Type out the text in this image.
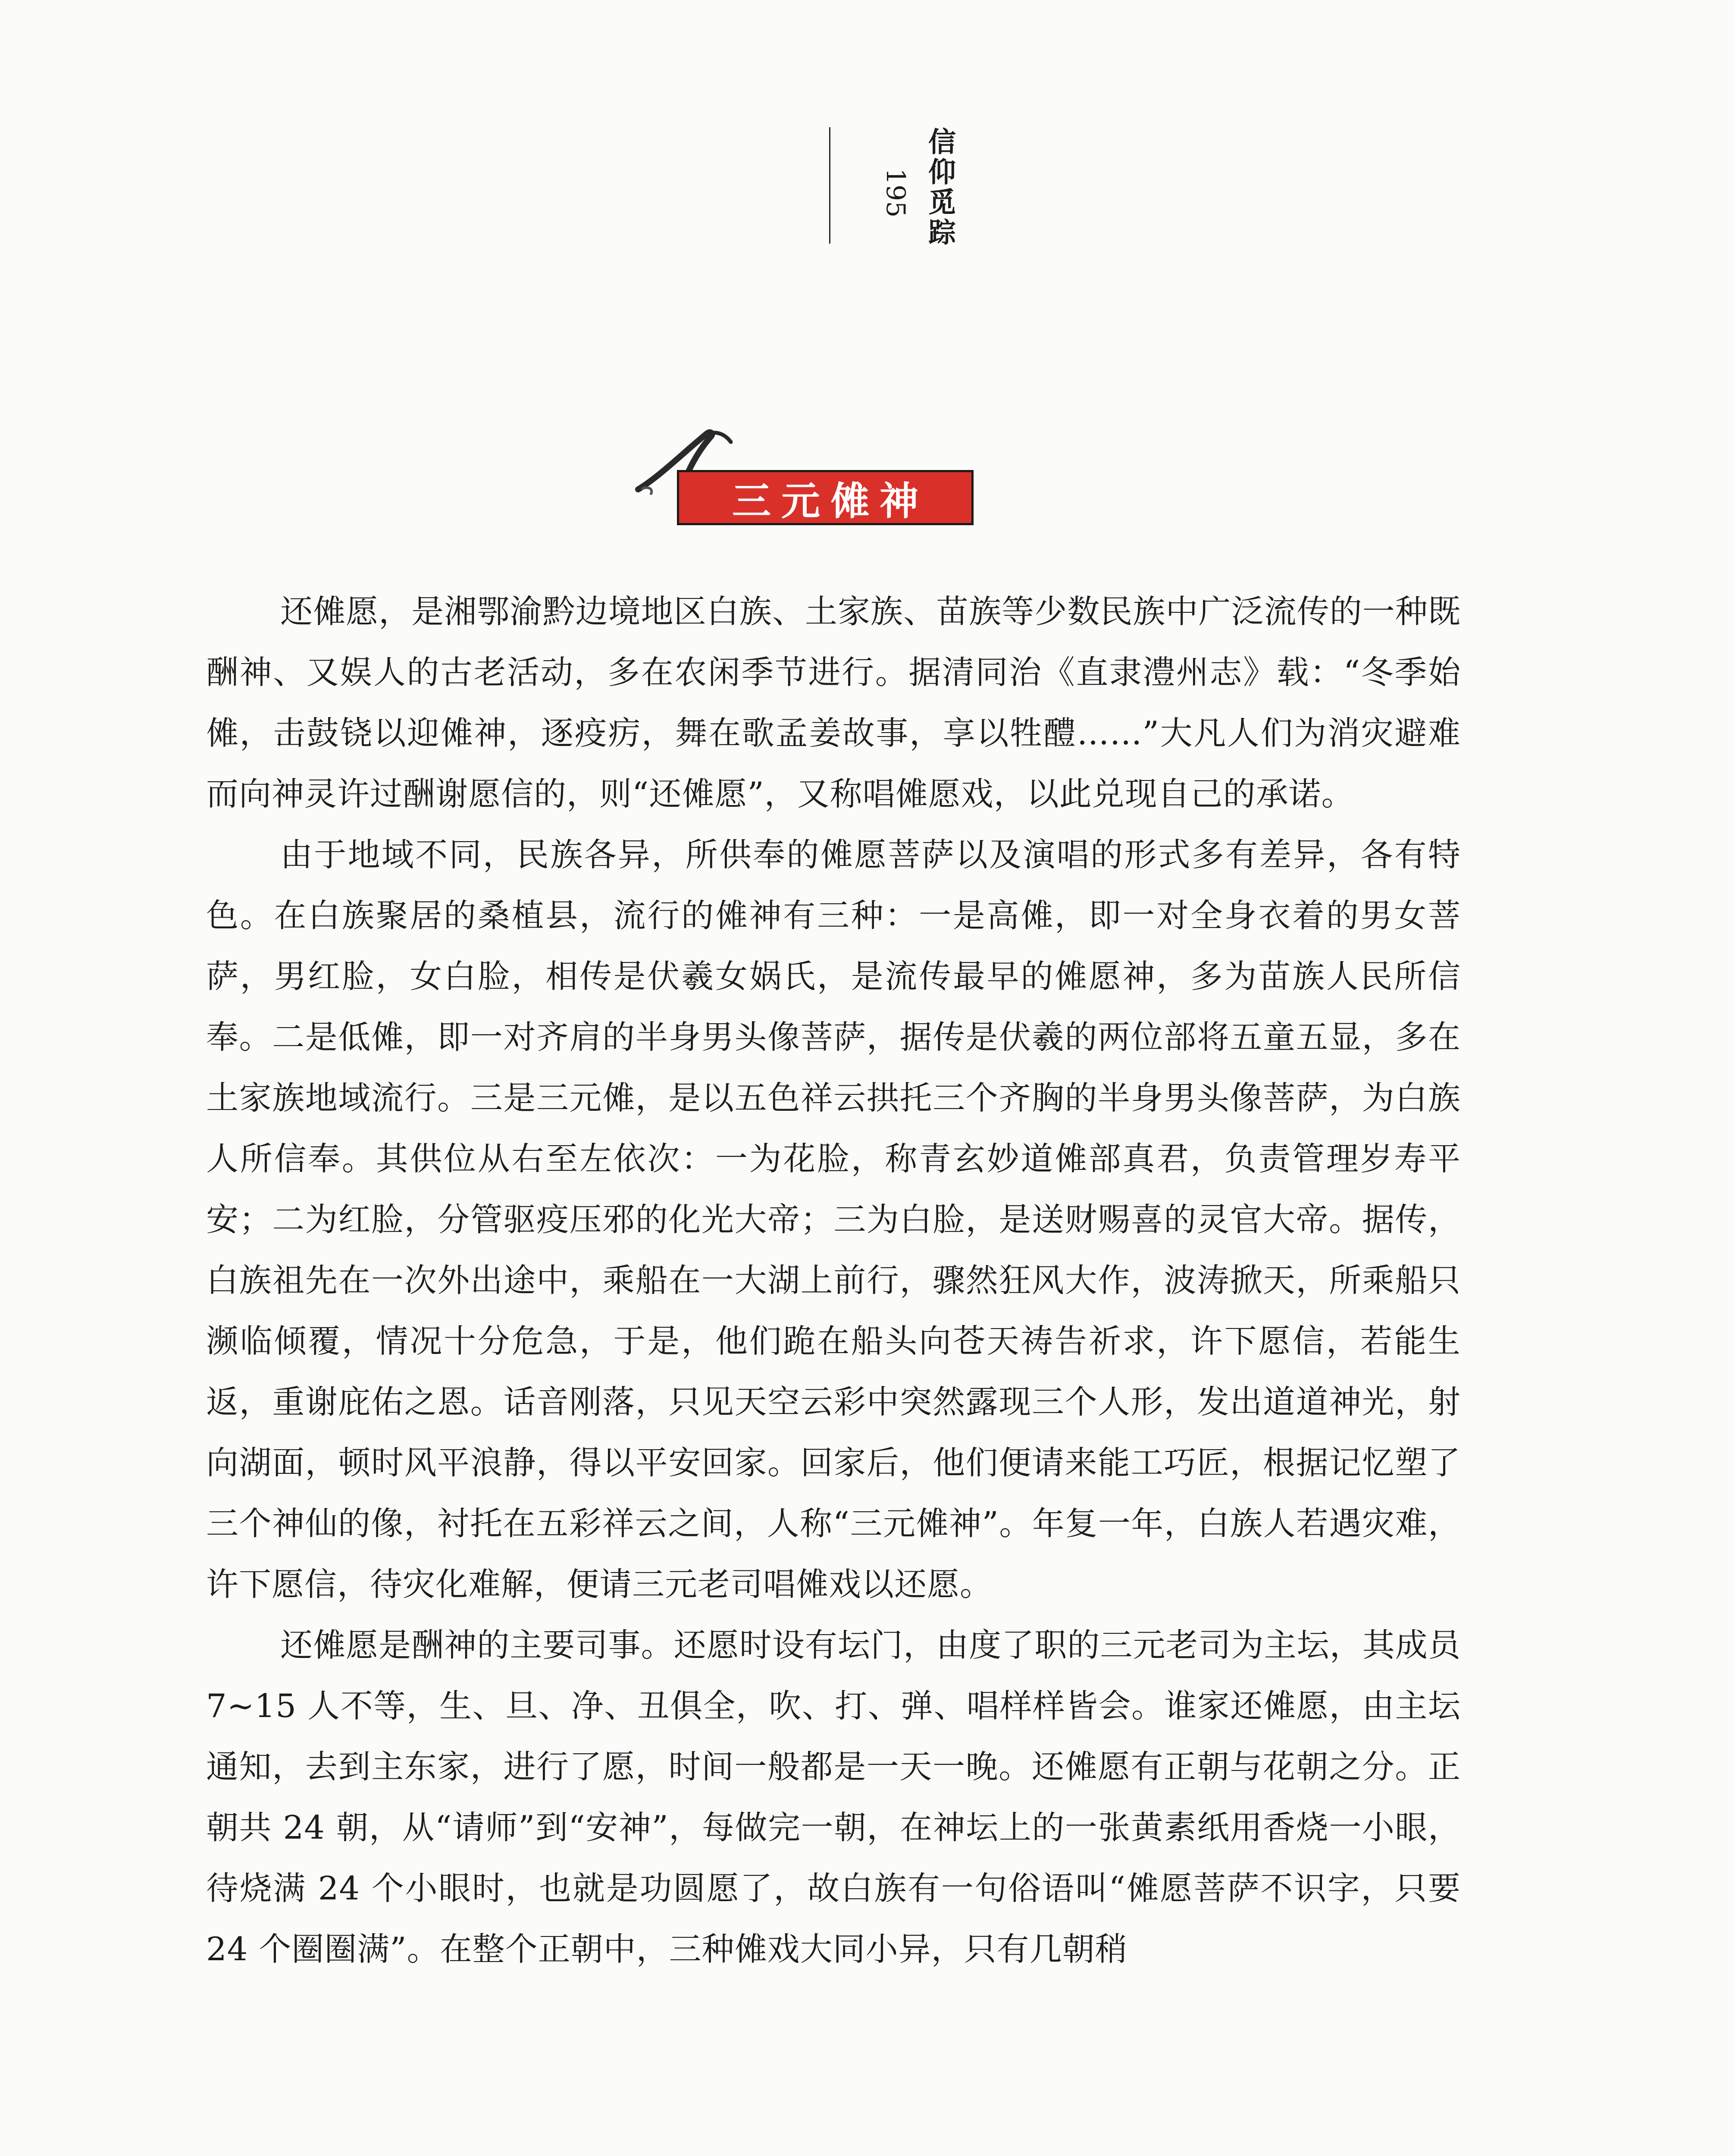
信仰觅踪
195
三元傩神

还傩愿，是湘鄂渝黔边境地区白族、土家族、苗族等少数民族中广泛流传的一种既酬神、又娱人的古老活动，多在农闲季节进行。据清同治《直隶澧州志》载：“冬季始傩，击鼓铙以迎傩神，逐疫疠，舞在歌孟姜故事，享以牲醴……”大凡人们为消灾避难而向神灵许过酬谢愿信的，则“还傩愿”，又称唱傩愿戏，以此兑现自己的承诺。

由于地域不同，民族各异，所供奉的傩愿菩萨以及演唱的形式多有差异，各有特色。在白族聚居的桑植县，流行的傩神有三种：一是高傩，即一对全身衣着的男女菩萨，男红脸，女白脸，相传是伏羲女娲氏，是流传最早的傩愿神，多为苗族人民所信奉。二是低傩，即一对齐肩的半身男头像菩萨，据传是伏羲的两位部将五童五显，多在土家族地域流行。三是三元傩，是以五色祥云拱托三个齐胸的半身男头像菩萨，为白族人所信奉。其供位从右至左依次：一为花脸，称青玄妙道傩部真君，负责管理岁寿平安；二为红脸，分管驱疫压邪的化光大帝；三为白脸，是送财赐喜的灵官大帝。据传，白族祖先在一次外出途中，乘船在一大湖上前行，骤然狂风大作，波涛掀天，所乘船只濒临倾覆，情况十分危急，于是，他们跪在船头向苍天祷告祈求，许下愿信，若能生返，重谢庇佑之恩。话音刚落，只见天空云彩中突然露现三个人形，发出道道神光，射向湖面，顿时风平浪静，得以平安回家。回家后，他们便请来能工巧匠，根据记忆塑了三个神仙的像，衬托在五彩祥云之间，人称“三元傩神”。年复一年，白族人若遇灾难，许下愿信，待灾化难解，便请三元老司唱傩戏以还愿。

还傩愿是酬神的主要司事。还愿时设有坛门，由度了职的三元老司为主坛，其成员 7~15 人不等，生、旦、净、丑俱全，吹、打、弹、唱样样皆会。谁家还傩愿，由主坛通知，去到主东家，进行了愿，时间一般都是一天一晚。还傩愿有正朝与花朝之分。正朝共 24 朝，从“请师”到“安神”，每做完一朝，在神坛上的一张黄素纸用香烧一小眼，待烧满 24 个小眼时，也就是功圆愿了，故白族有一句俗语叫“傩愿菩萨不识字，只要 24 个圈圈满”。在整个正朝中，三种傩戏大同小异，只有几朝稍
